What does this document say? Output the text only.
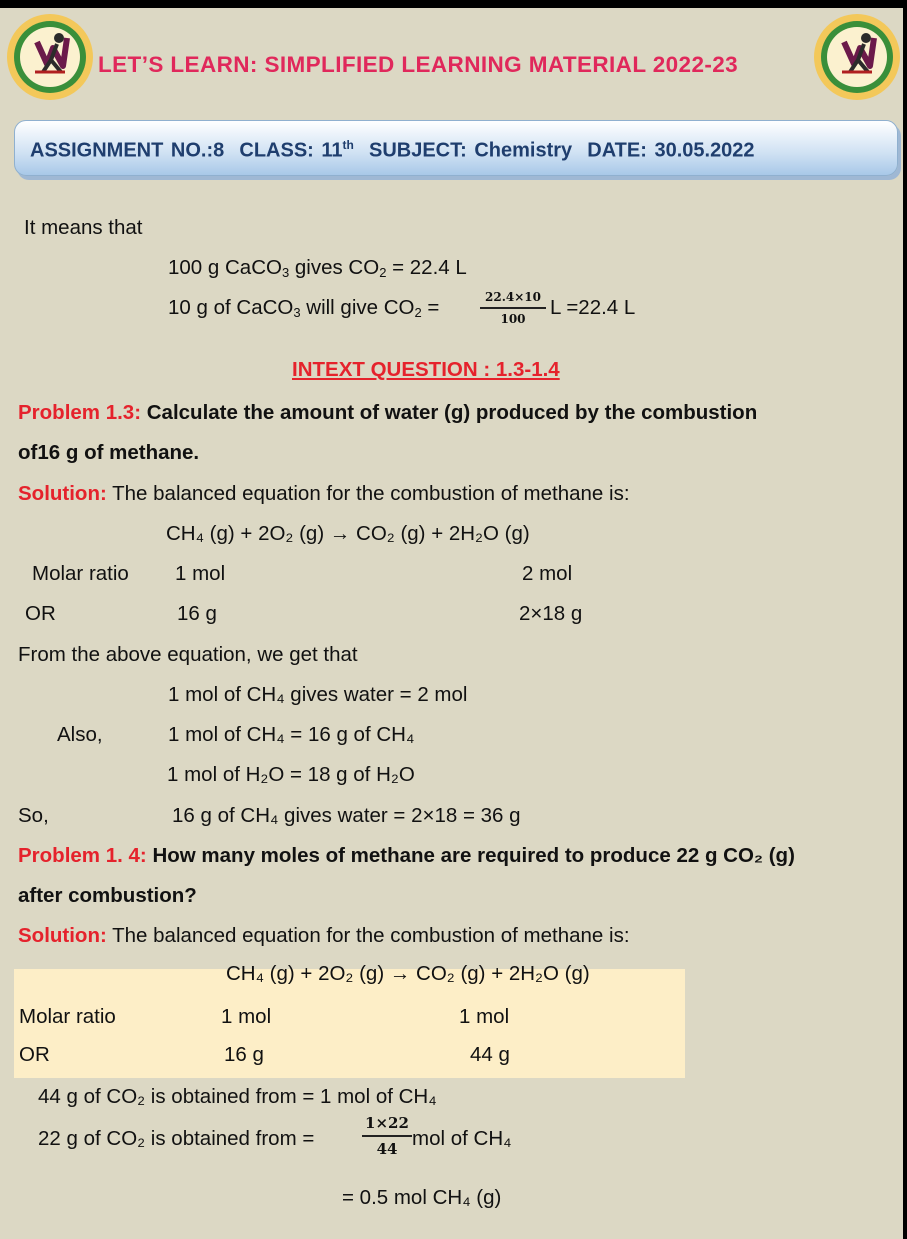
LET’S LEARN: SIMPLIFIED LEARNING MATERIAL 2022-23
ASSIGNMENT NO.:8 CLASS: 11th SUBJECT: Chemistry DATE: 30.05.2022
It means that
100 g CaCO$_3$ gives $CO_2 = 22.4$ L
10 g of CaCO$_3$ will give $CO_2$ =	$\frac{22.4\times 10}{100}$ L =22.4 L
INTEXT QUESTION : 1.3-1.4
Problem 1.3: Calculate the amount of water (g) produced by the combustion
of16 g of methane.
Solution: The balanced equation for the combustion of methane is:
CH₄ (g) + 2O₂ (g) → CO₂ (g) + 2H₂O (g)
Molar ratio 1 mol	2 mol
OR	16 g	2×18 g
From the above equation, we get that
1 mol of CH₄ gives water = 2 mol
Also,	1 mol of CH₄ = 16 g of CH₄
1 mol of H₂O = 18 g of H₂O
So,	16 g of CH₄ gives water = 2×18 = 36 g
Problem 1. 4: How many moles of methane are required to produce 22 g CO₂ (g)
after combustion?
Solution: The balanced equation for the combustion of methane is:
CH₄ (g) + 2O₂ (g) → CO₂ (g) + 2H₂O (g)
Molar ratio	1 mol	1 mol
OR	16 g	44 g
44 g of CO₂ is obtained from = 1 mol of CH₄
22 g of CO₂ is obtained from =	$\frac{1\times 22}{44}$ mol of CH₄
= 0.5 mol CH₄ (g)
